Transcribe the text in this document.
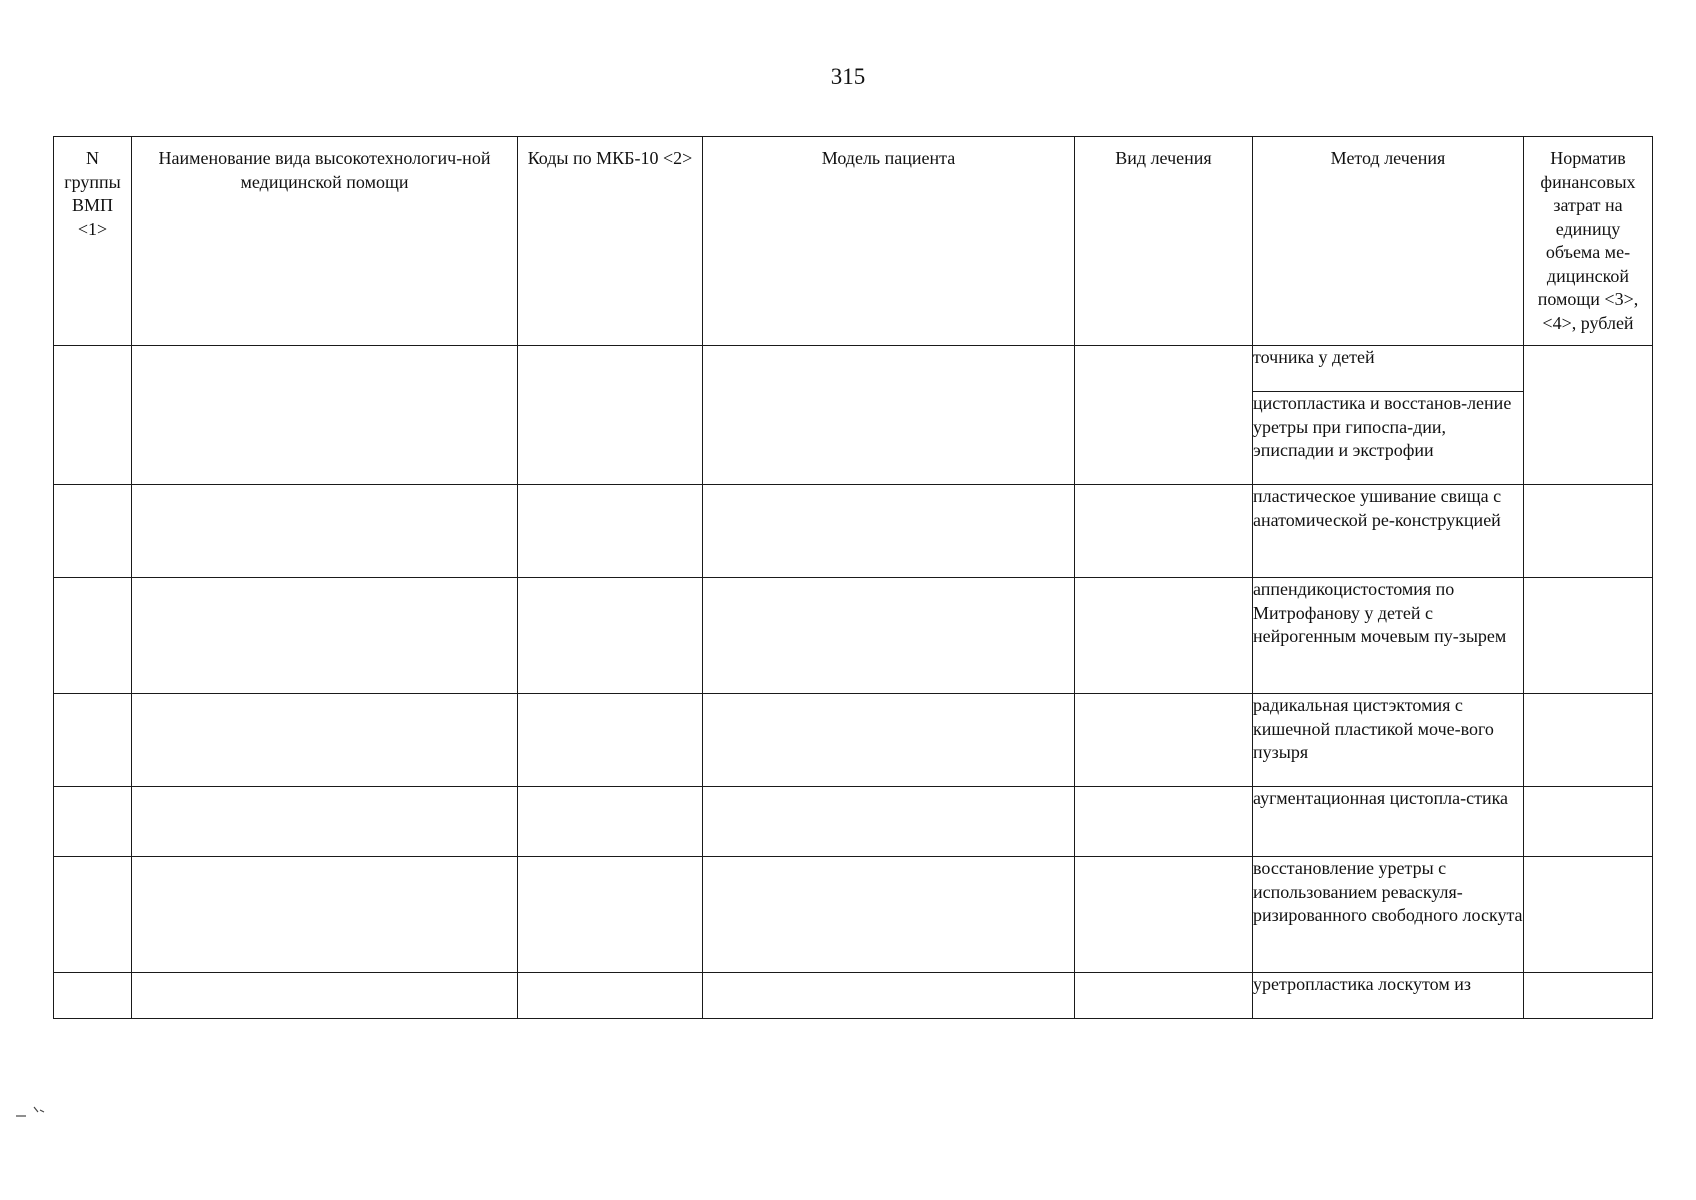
315
N группы ВМП <1>	Наименование вида высокотехнологич-ной медицинской помощи	Коды по МКБ-10 <2>	Модель пациента	Вид лечения	Метод лечения	Норматив финансовых затрат на единицу объема ме-дицинской помощи <3>, <4>, рублей
					точника у детей	
					цистопластика и восстанов-ление уретры при гипоспа-дии, эписпадии и экстрофии	
					пластическое ушивание свища с анатомической ре-конструкцией	
					аппендикоцистостомия по Митрофанову у детей с нейрогенным мочевым пу-зырем	
					радикальная цистэктомия с кишечной пластикой моче-вого пузыря	
					аугментационная цистопла-стика	
					восстановление уретры с использованием реваскуля-ризированного свободного лоскута	
					уретропластика лоскутом из	
